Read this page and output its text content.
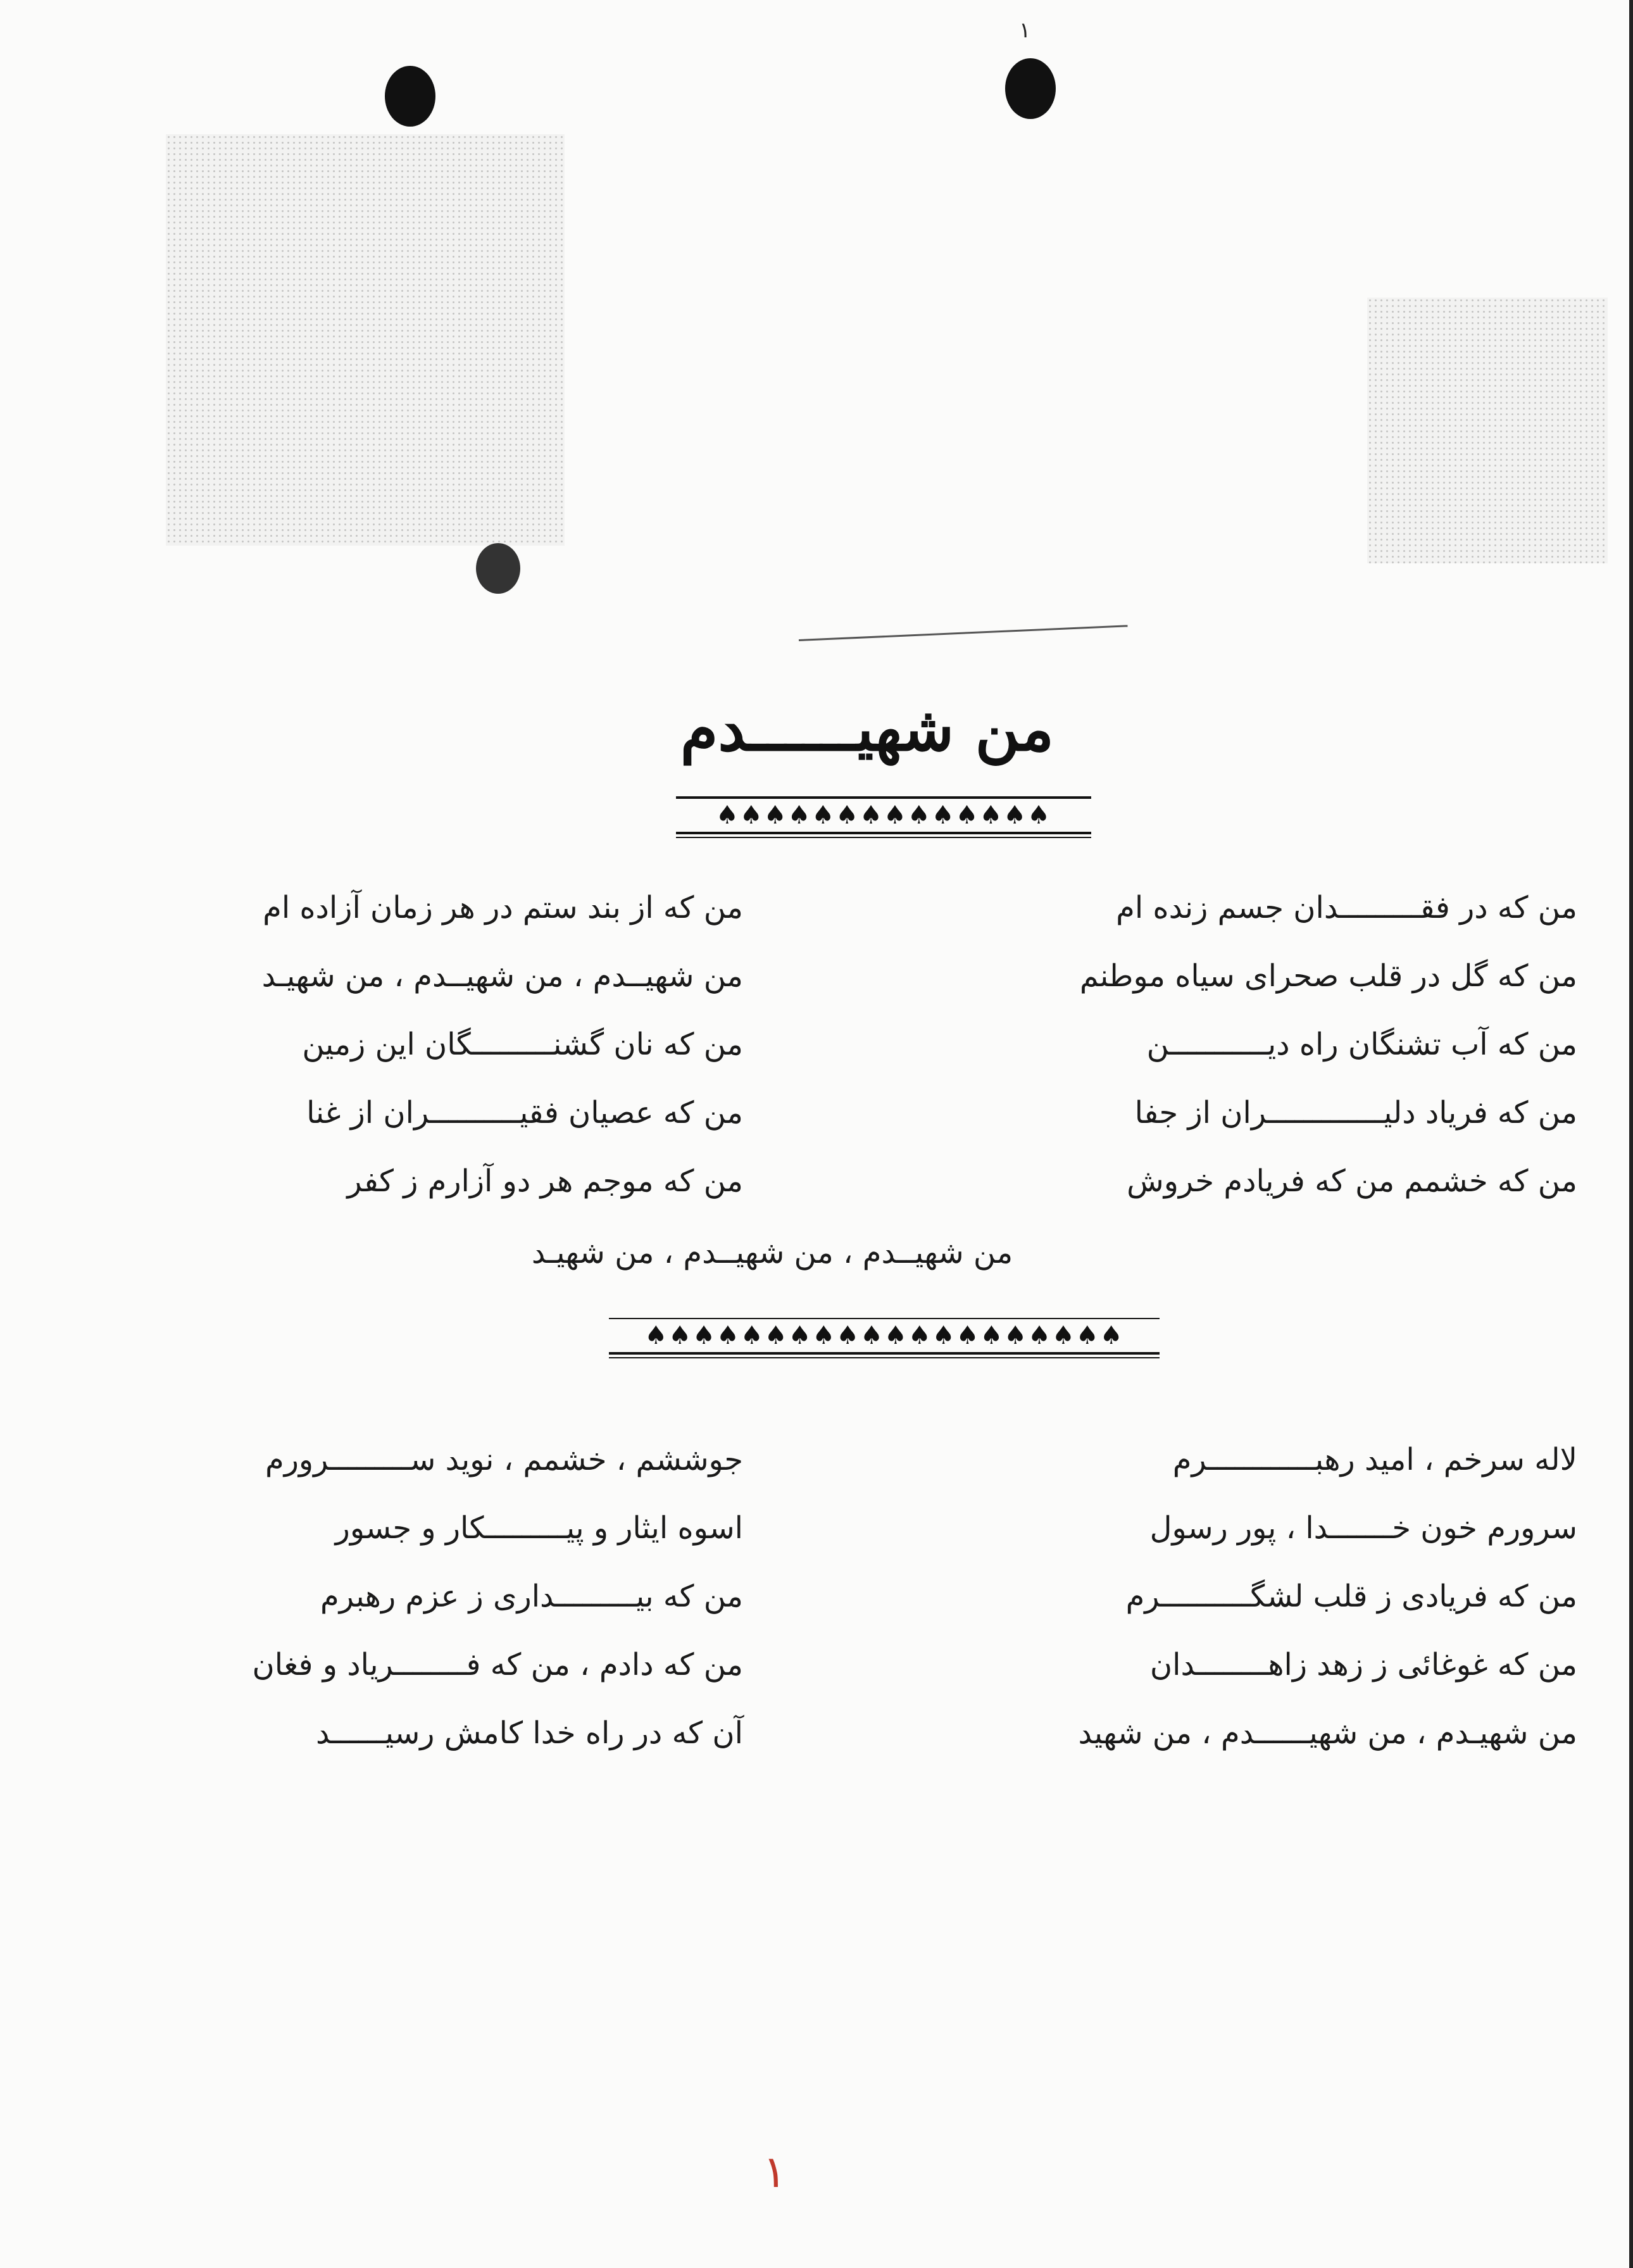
۱
من شهیــــــدم
♠♠♠♠♠♠♠♠♠♠♠♠♠♠
من که در فقـــــــــدان جسم زنده ام
من که گل در قلب صحرای سیاه موطنم
من که آب تشنگان راه دیـــــــــــن
من که فریاد دلیـــــــــــــران از جفا
من که خشمم من که فریادم خروش
من که از بند ستم در هر زمان آزاده ام
من شهیــدم ، من شهیــدم ، من شهیـد
من که نان گشنـــــــــگان این زمین
من که عصیان فقیــــــــــران از غنا
من که موجم هر دو آزارم ز کفر
من شهیــدم ، من شهیــدم ، من شهیـد
♠♠♠♠♠♠♠♠♠♠♠♠♠♠♠♠♠♠♠♠
لاله سرخم ، امید رهبــــــــــــرم
سرورم خون خـــــــدا ، پور رسول
من که فریادی ز قلب لشگــــــــــرم
من که غوغائی ز زهد زاهــــــــدان
من شهیـدم ، من شهیــــــدم ، من شهید
جوششم ، خشمم ، نوید ســـــــــرورم
اسوه ایثار و پیـــــــــکار و جسور
من که بیـــــــــداری ز عزم رهبرم
من که دادم ، من که فــــــــریاد و فغان
آن که در راه خدا کامش رسیــــــد
۱
